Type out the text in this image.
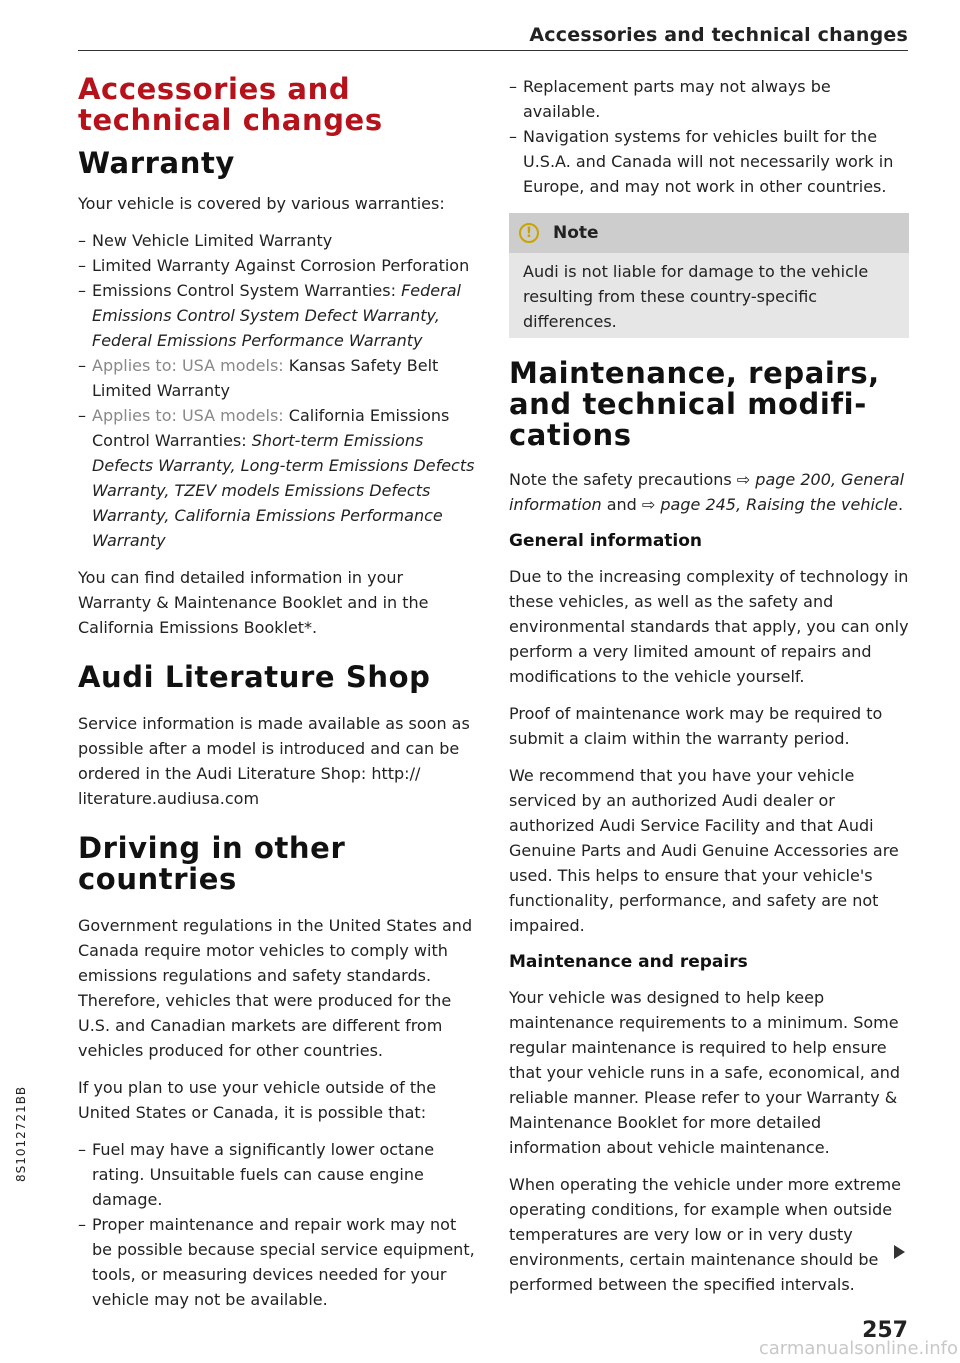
Accessories and technical changes
Accessories and
technical changes
Warranty
Your vehicle is covered by various warranties:
– New Vehicle Limited Warranty
– Limited Warranty Against Corrosion Perforation
– Emissions Control System Warranties: Federal Emissions Control System Defect Warranty, Federal Emissions Performance Warranty
– Applies to: USA models: Kansas Safety Belt Limited Warranty
– Applies to: USA models: California Emissions Control Warranties: Short-term Emissions Defects Warranty, Long-term Emissions Defects Warranty, TZEV models Emissions Defects Warranty, California Emissions Performance Warranty
You can find detailed information in your Warranty & Maintenance Booklet and in the California Emissions Booklet*.
Audi Literature Shop
Service information is made available as soon as possible after a model is introduced and can be ordered in the Audi Literature Shop: http:// literature.audiusa.com
Driving in other
countries
Government regulations in the United States and Canada require motor vehicles to comply with emissions regulations and safety standards. Therefore, vehicles that were produced for the U.S. and Canadian markets are different from vehicles produced for other countries.
If you plan to use your vehicle outside of the United States or Canada, it is possible that:
– Fuel may have a significantly lower octane rating. Unsuitable fuels can cause engine damage.
– Proper maintenance and repair work may not be possible because special service equipment, tools, or measuring devices needed for your vehicle may not be available.
– Replacement parts may not always be available.
– Navigation systems for vehicles built for the U.S.A. and Canada will not necessarily work in Europe, and may not work in other countries.
!	Note
Audi is not liable for damage to the vehicle resulting from these country-specific differences.
Maintenance, repairs,
and technical modifi-
cations
Note the safety precautions ⇨ page 200, General information and ⇨ page 245, Raising the vehicle.
General information
Due to the increasing complexity of technology in these vehicles, as well as the safety and environmental standards that apply, you can only perform a very limited amount of repairs and modifications to the vehicle yourself.
Proof of maintenance work may be required to submit a claim within the warranty period.
We recommend that you have your vehicle serviced by an authorized Audi dealer or authorized Audi Service Facility and that Audi Genuine Parts and Audi Genuine Accessories are used. This helps to ensure that your vehicle's functionality, performance, and safety are not impaired.
Maintenance and repairs
Your vehicle was designed to help keep maintenance requirements to a minimum. Some regular maintenance is required to help ensure that your vehicle runs in a safe, economical, and reliable manner. Please refer to your Warranty & Maintenance Booklet for more detailed information about vehicle maintenance.
When operating the vehicle under more extreme operating conditions, for example when outside temperatures are very low or in very dusty environments, certain maintenance should be performed between the specified intervals.
8S1012721BB
257
carmanualsonline.info
